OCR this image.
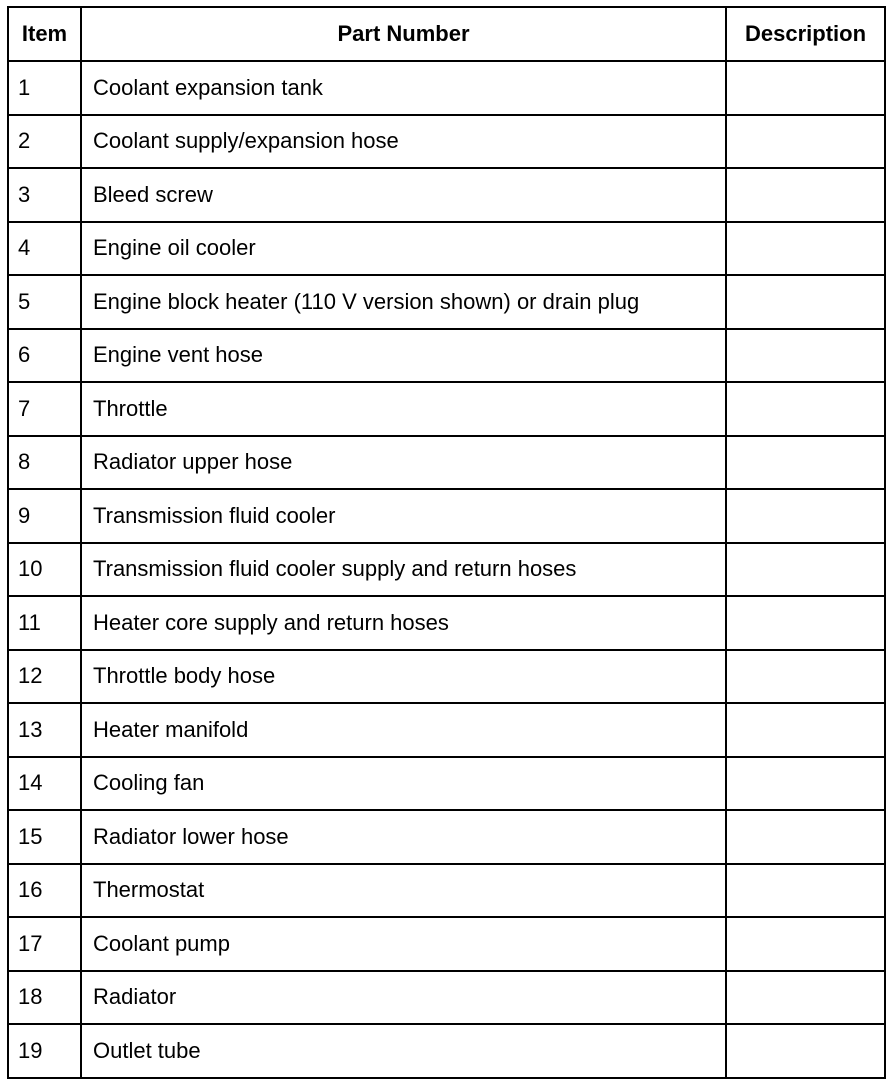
Item	Part Number	Description
1	Coolant expansion tank	
2	Coolant supply/expansion hose	
3	Bleed screw	
4	Engine oil cooler	
5	Engine block heater (110 V version shown) or drain plug	
6	Engine vent hose	
7	Throttle	
8	Radiator upper hose	
9	Transmission fluid cooler	
10	Transmission fluid cooler supply and return hoses	
11	Heater core supply and return hoses	
12	Throttle body hose	
13	Heater manifold	
14	Cooling fan	
15	Radiator lower hose	
16	Thermostat	
17	Coolant pump	
18	Radiator	
19	Outlet tube	
